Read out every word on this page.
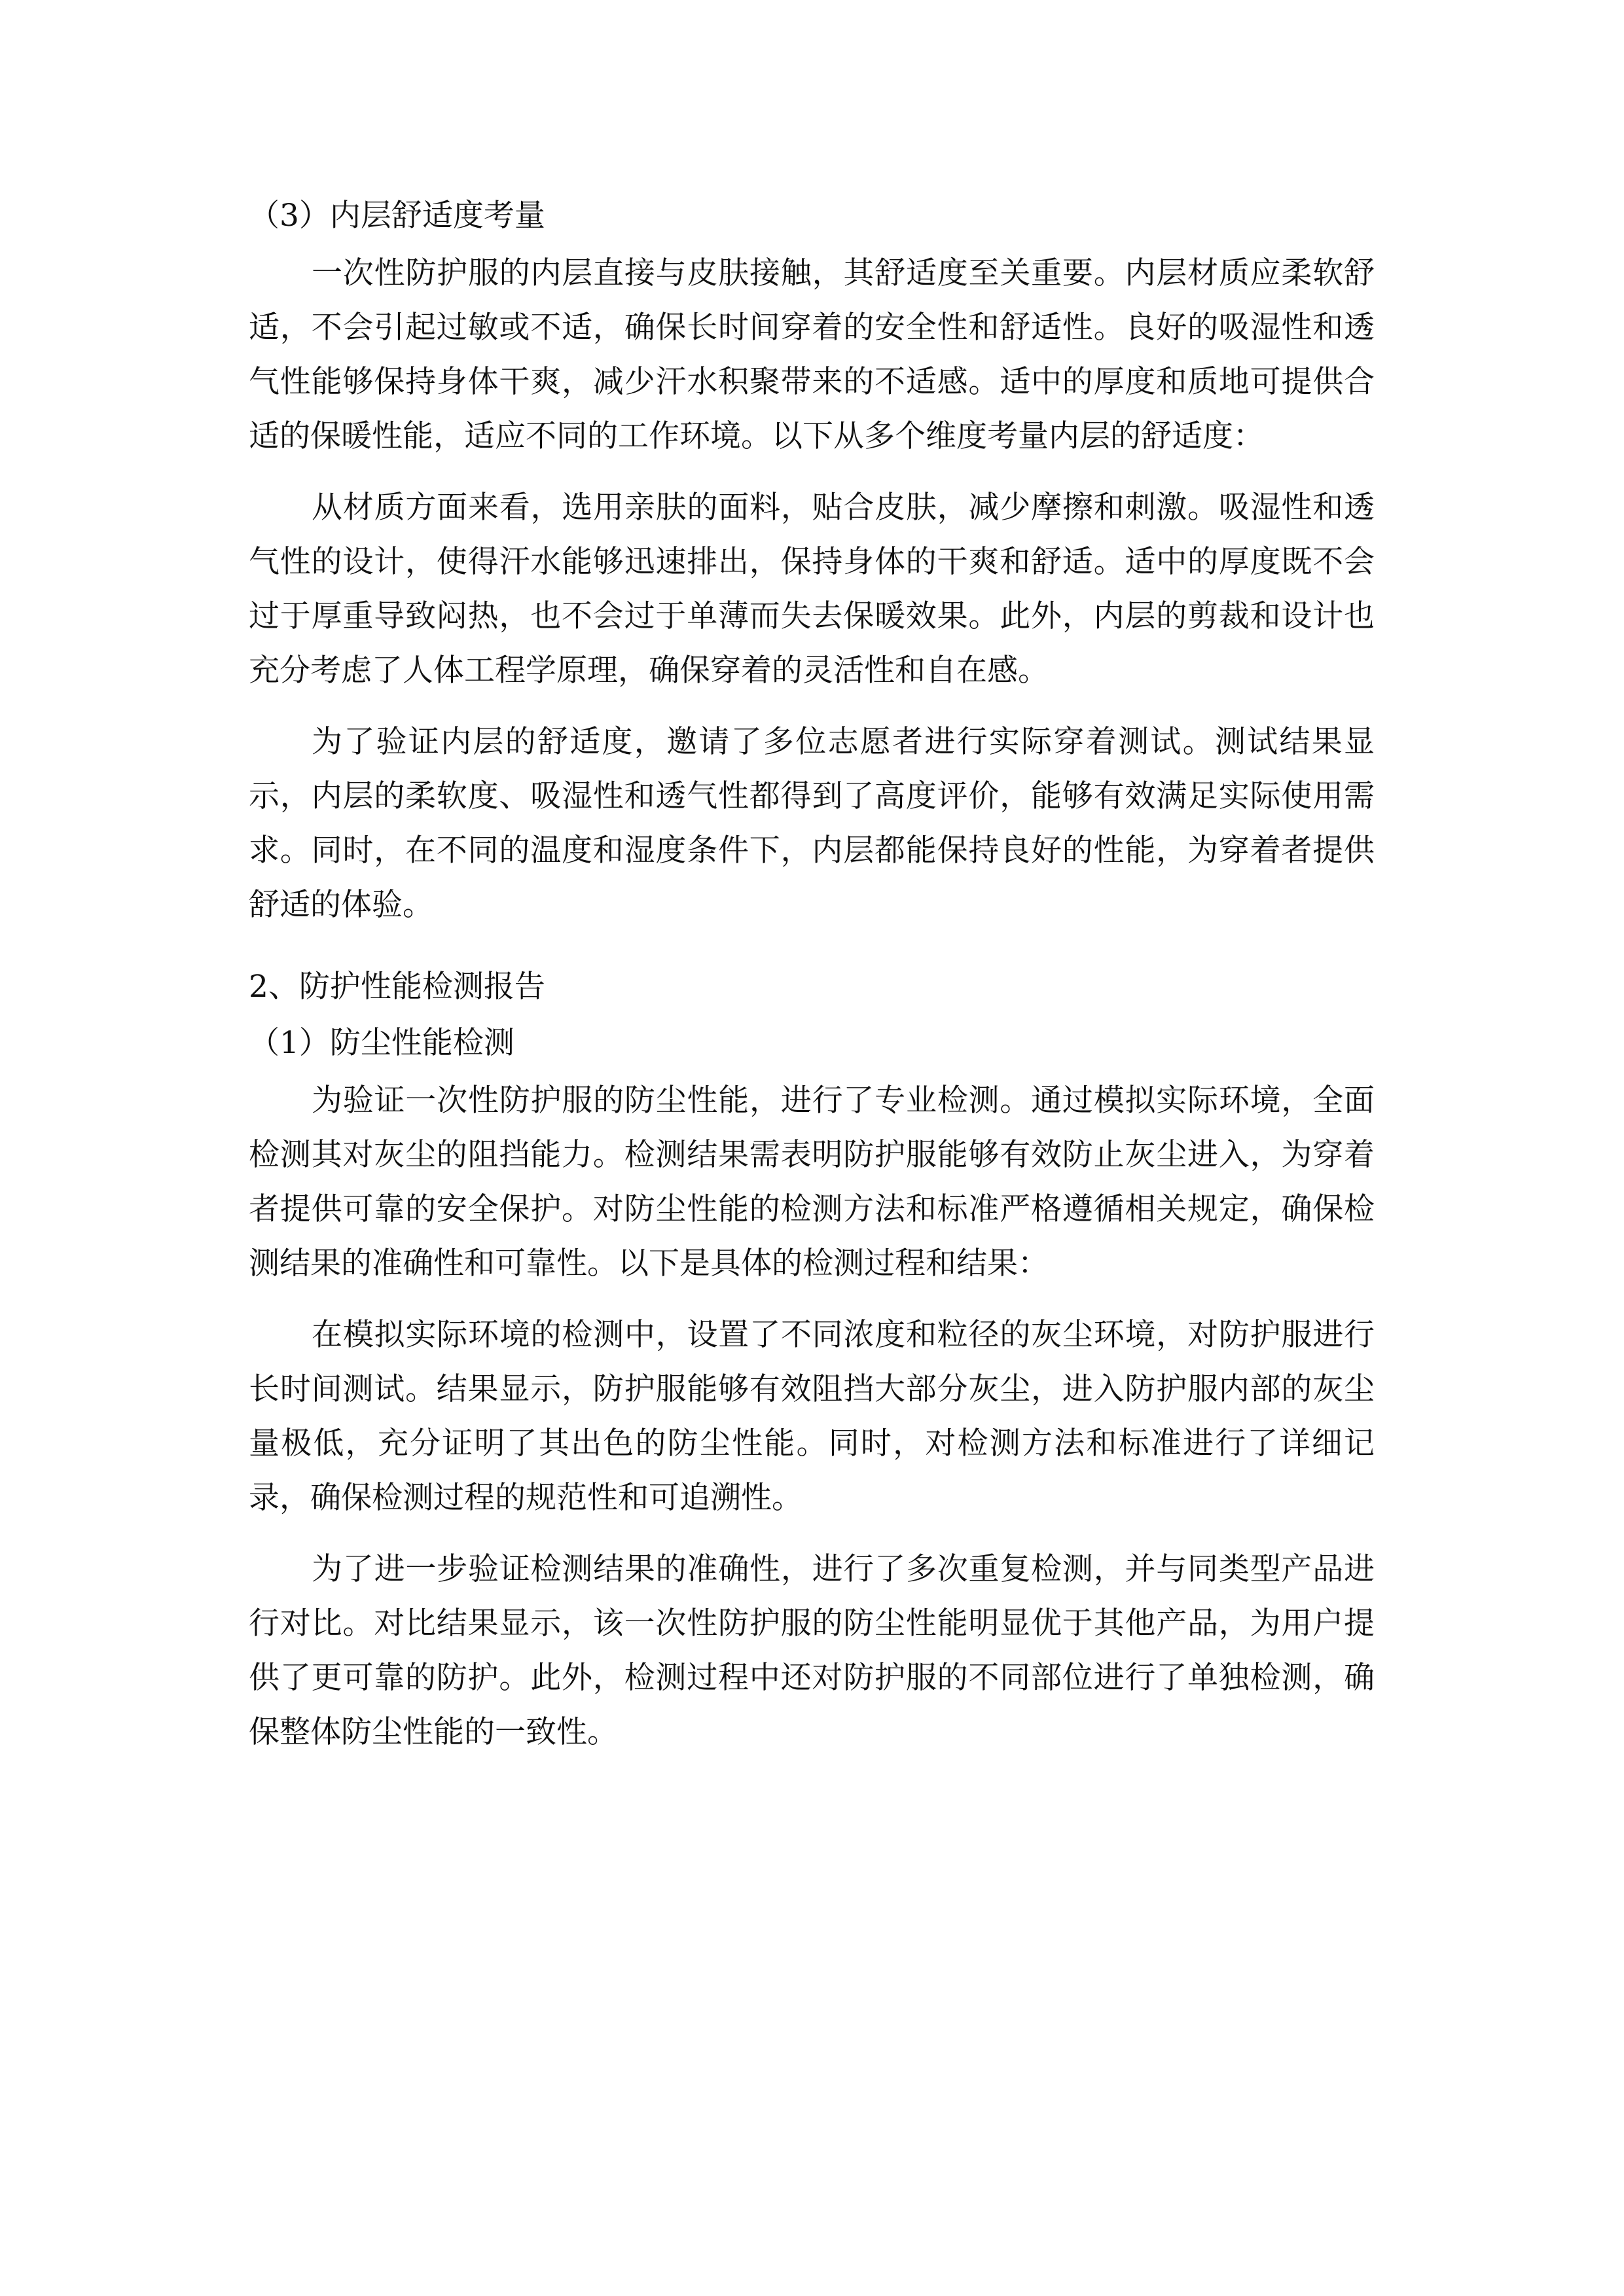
（3）内层舒适度考量

一次性防护服的内层直接与皮肤接触，其舒适度至关重要。内层材质应柔软舒适，不会引起过敏或不适，确保长时间穿着的安全性和舒适性。良好的吸湿性和透气性能够保持身体干爽，减少汗水积聚带来的不适感。适中的厚度和质地可提供合适的保暖性能，适应不同的工作环境。以下从多个维度考量内层的舒适度：

从材质方面来看，选用亲肤的面料，贴合皮肤，减少摩擦和刺激。吸湿性和透气性的设计，使得汗水能够迅速排出，保持身体的干爽和舒适。适中的厚度既不会过于厚重导致闷热，也不会过于单薄而失去保暖效果。此外，内层的剪裁和设计也充分考虑了人体工程学原理，确保穿着的灵活性和自在感。

为了验证内层的舒适度，邀请了多位志愿者进行实际穿着测试。测试结果显示，内层的柔软度、吸湿性和透气性都得到了高度评价，能够有效满足实际使用需求。同时，在不同的温度和湿度条件下，内层都能保持良好的性能，为穿着者提供舒适的体验。

2、防护性能检测报告

（1）防尘性能检测

为验证一次性防护服的防尘性能，进行了专业检测。通过模拟实际环境，全面检测其对灰尘的阻挡能力。检测结果需表明防护服能够有效防止灰尘进入，为穿着者提供可靠的安全保护。对防尘性能的检测方法和标准严格遵循相关规定，确保检测结果的准确性和可靠性。以下是具体的检测过程和结果：

在模拟实际环境的检测中，设置了不同浓度和粒径的灰尘环境，对防护服进行长时间测试。结果显示，防护服能够有效阻挡大部分灰尘，进入防护服内部的灰尘量极低，充分证明了其出色的防尘性能。同时，对检测方法和标准进行了详细记录，确保检测过程的规范性和可追溯性。

为了进一步验证检测结果的准确性，进行了多次重复检测，并与同类型产品进行对比。对比结果显示，该一次性防护服的防尘性能明显优于其他产品，为用户提供了更可靠的防护。此外，检测过程中还对防护服的不同部位进行了单独检测，确保整体防尘性能的一致性。
